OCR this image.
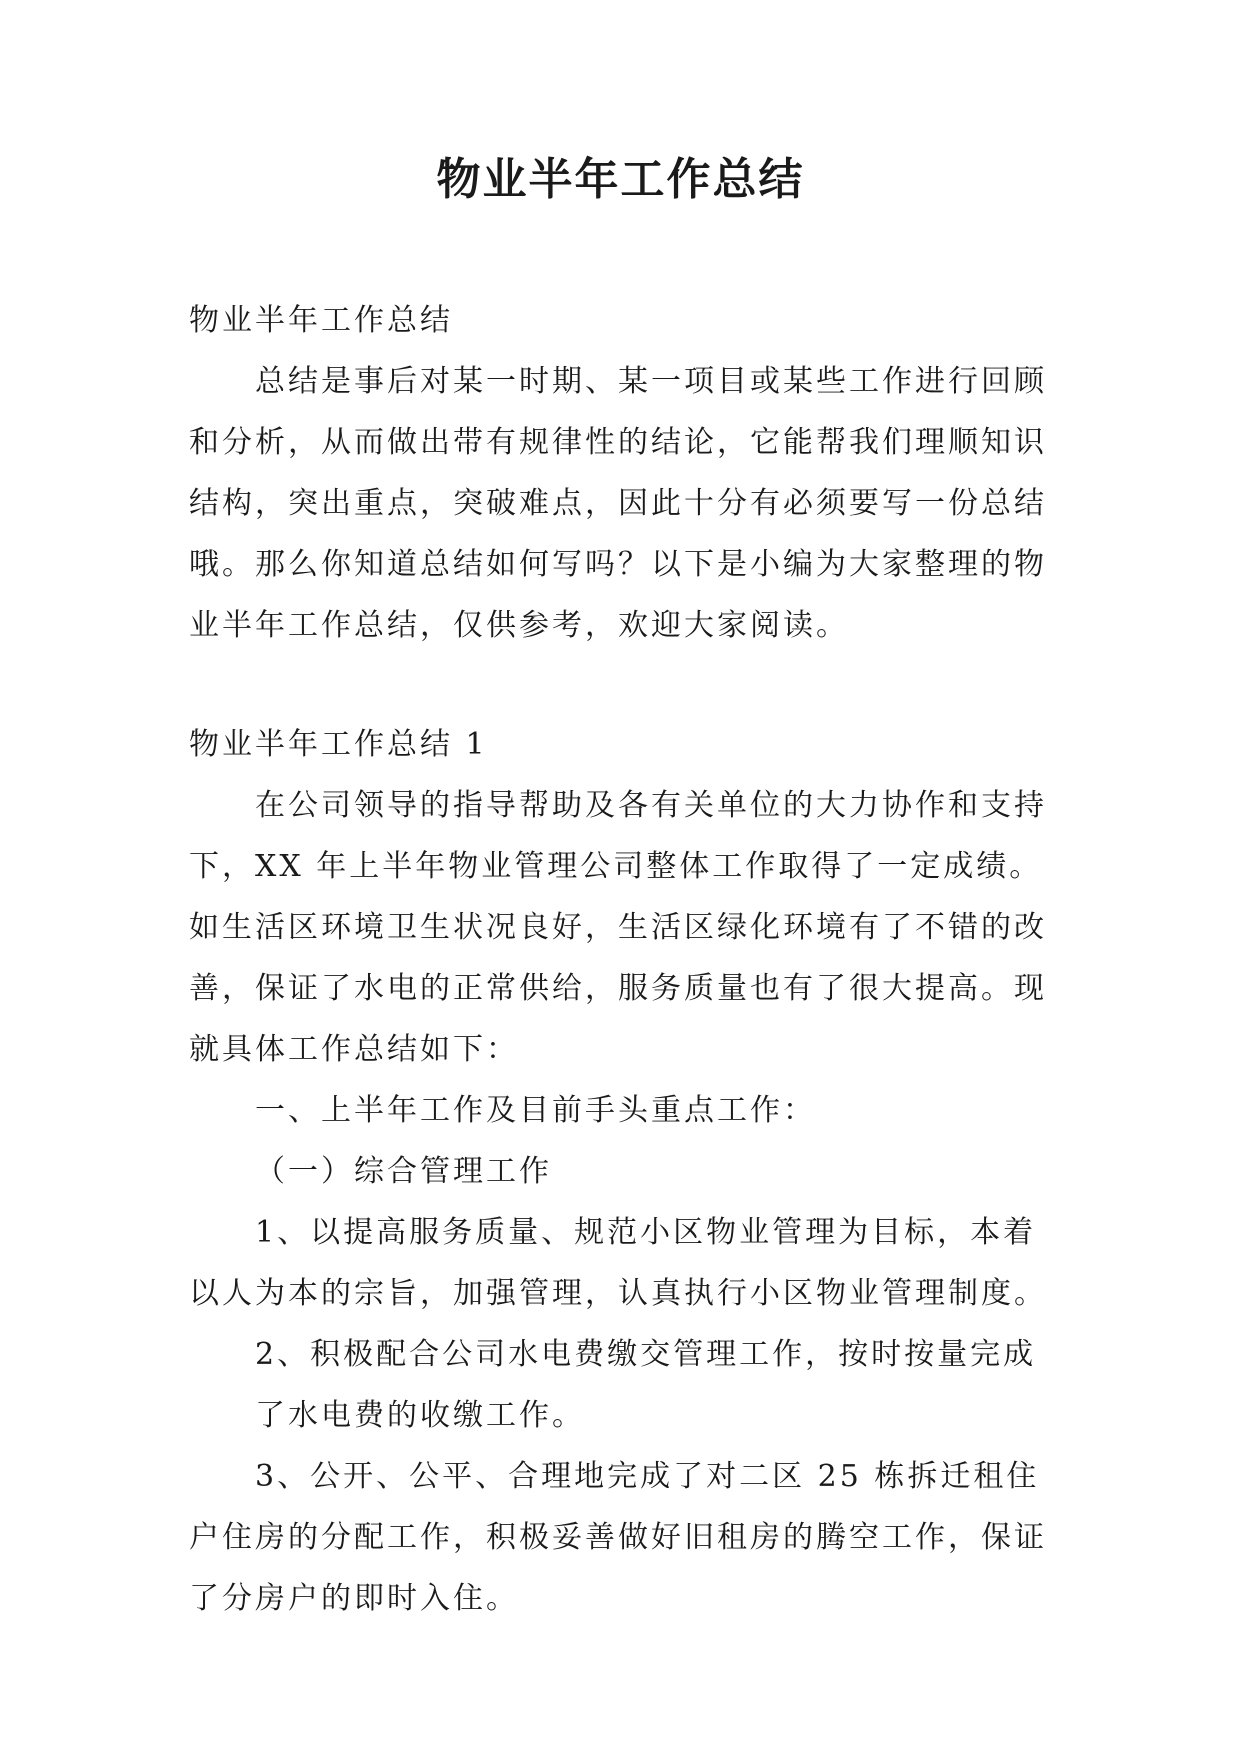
物业半年工作总结

物业半年工作总结

总结是事后对某一时期、某一项目或某些工作进行回顾和分析，从而做出带有规律性的结论，它能帮我们理顺知识结构，突出重点，突破难点，因此十分有必须要写一份总结哦。那么你知道总结如何写吗？以下是小编为大家整理的物业半年工作总结，仅供参考，欢迎大家阅读。

物业半年工作总结 1

在公司领导的指导帮助及各有关单位的大力协作和支持下，XX 年上半年物业管理公司整体工作取得了一定成绩。如生活区环境卫生状况良好，生活区绿化环境有了不错的改善，保证了水电的正常供给，服务质量也有了很大提高。现就具体工作总结如下：

一、上半年工作及目前手头重点工作：

（一）综合管理工作

1、以提高服务质量、规范小区物业管理为目标，本着以人为本的宗旨，加强管理，认真执行小区物业管理制度。

2、积极配合公司水电费缴交管理工作，按时按量完成

了水电费的收缴工作。

3、公开、公平、合理地完成了对二区 25 栋拆迁租住户住房的分配工作，积极妥善做好旧租房的腾空工作，保证了分房户的即时入住。
